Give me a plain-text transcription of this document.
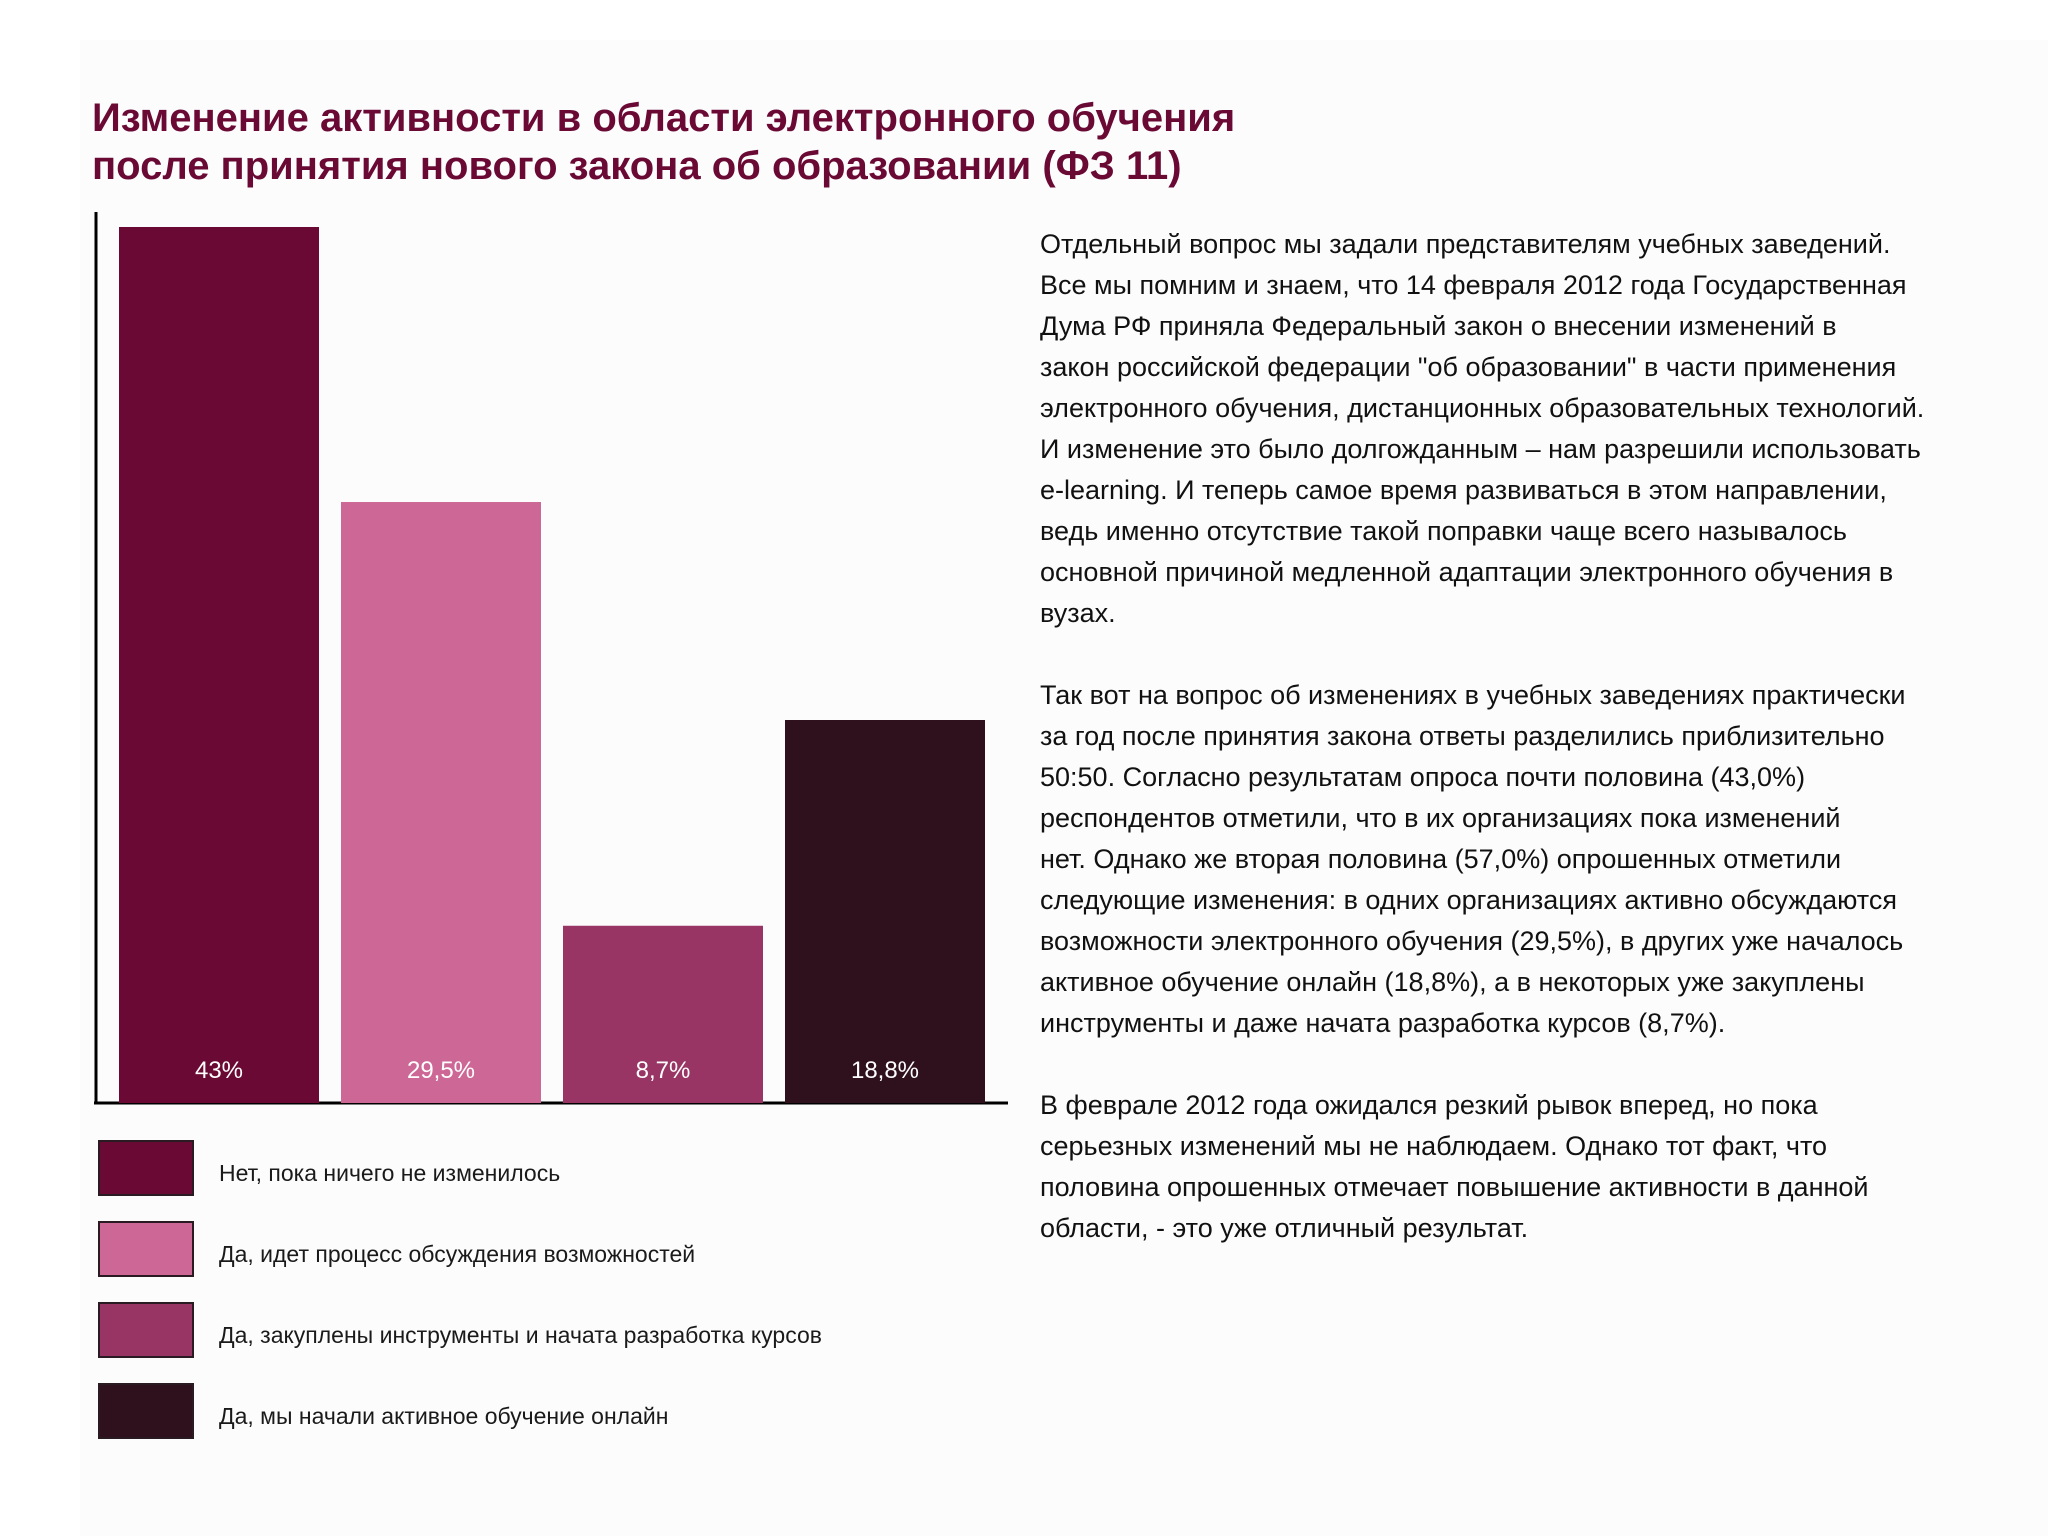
Изменение активности в области электронного обучения
после принятия нового закона об образовании (ФЗ 11)
43%	29,5%	8,7%	18,8%
Нет, пока ничего не изменилось
Да, идет процесс обсуждения возможностей
Да, закуплены инструменты и начата разработка курсов
Да, мы начали активное обучение онлайн

Отдельный вопрос мы задали представителям учебных заведений.
Все мы помним и знаем, что 14 февраля 2012 года Государственная
Дума РФ приняла Федеральный закон о внесении изменений в
закон российской федерации "об образовании" в части применения
электронного обучения, дистанционных образовательных технологий.
И изменение это было долгожданным – нам разрешили использовать
e-learning. И теперь самое время развиваться в этом направлении,
ведь именно отсутствие такой поправки чаще всего называлось
основной причиной медленной адаптации электронного обучения в
вузах.

Так вот на вопрос об изменениях в учебных заведениях практически
за год после принятия закона ответы разделились приблизительно
50:50. Согласно результатам опроса почти половина (43,0%)
респондентов отметили, что в их организациях пока изменений
нет. Однако же вторая половина (57,0%) опрошенных отметили
следующие изменения: в одних организациях активно обсуждаются
возможности электронного обучения (29,5%), в других уже началось
активное обучение онлайн (18,8%), а в некоторых уже закуплены
инструменты и даже начата разработка курсов (8,7%).

В феврале 2012 года ожидался резкий рывок вперед, но пока
серьезных изменений мы не наблюдаем. Однако тот факт, что
половина опрошенных отмечает повышение активности в данной
области, - это уже отличный результат.
